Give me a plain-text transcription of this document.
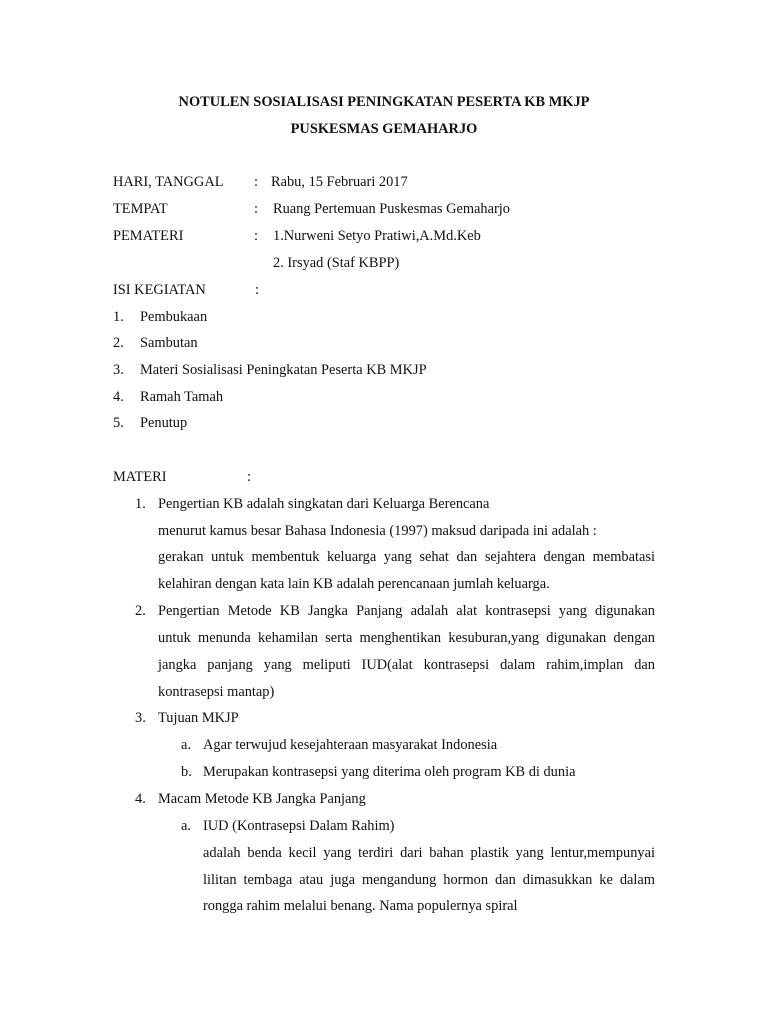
NOTULEN SOSIALISASI PENINGKATAN PESERTA KB MKJP
PUSKESMAS GEMAHARJO
HARI, TANGGAL : Rabu, 15 Februari 2017
TEMPAT	: Ruang Pertemuan Puskesmas Gemaharjo
PEMATERI	: 1.Nurweni Setyo Pratiwi,A.Md.Keb
2. Irsyad (Staf KBPP)
ISI KEGIATAN	:
1. Pembukaan
2. Sambutan
3. Materi Sosialisasi Peningkatan Peserta KB MKJP
4. Ramah Tamah
5. Penutup
MATERI	:
1. Pengertian KB adalah singkatan dari Keluarga Berencana
menurut kamus besar Bahasa Indonesia (1997) maksud daripada ini adalah :
gerakan untuk membentuk keluarga yang sehat dan sejahtera dengan membatasi
kelahiran dengan kata lain KB adalah perencanaan jumlah keluarga.
2. Pengertian Metode KB Jangka Panjang adalah alat kontrasepsi yang digunakan
untuk menunda kehamilan serta menghentikan kesuburan,yang digunakan dengan
jangka panjang yang meliputi IUD(alat kontrasepsi dalam rahim,implan dan
kontrasepsi mantap)
3. Tujuan MKJP
a. Agar terwujud kesejahteraan masyarakat Indonesia
b. Merupakan kontrasepsi yang diterima oleh program KB di dunia
4. Macam Metode KB Jangka Panjang
a. IUD (Kontrasepsi Dalam Rahim)
adalah benda kecil yang terdiri dari bahan plastik yang lentur,mempunyai
lilitan tembaga atau juga mengandung hormon dan dimasukkan ke dalam
rongga rahim melalui benang. Nama populernya spiral
